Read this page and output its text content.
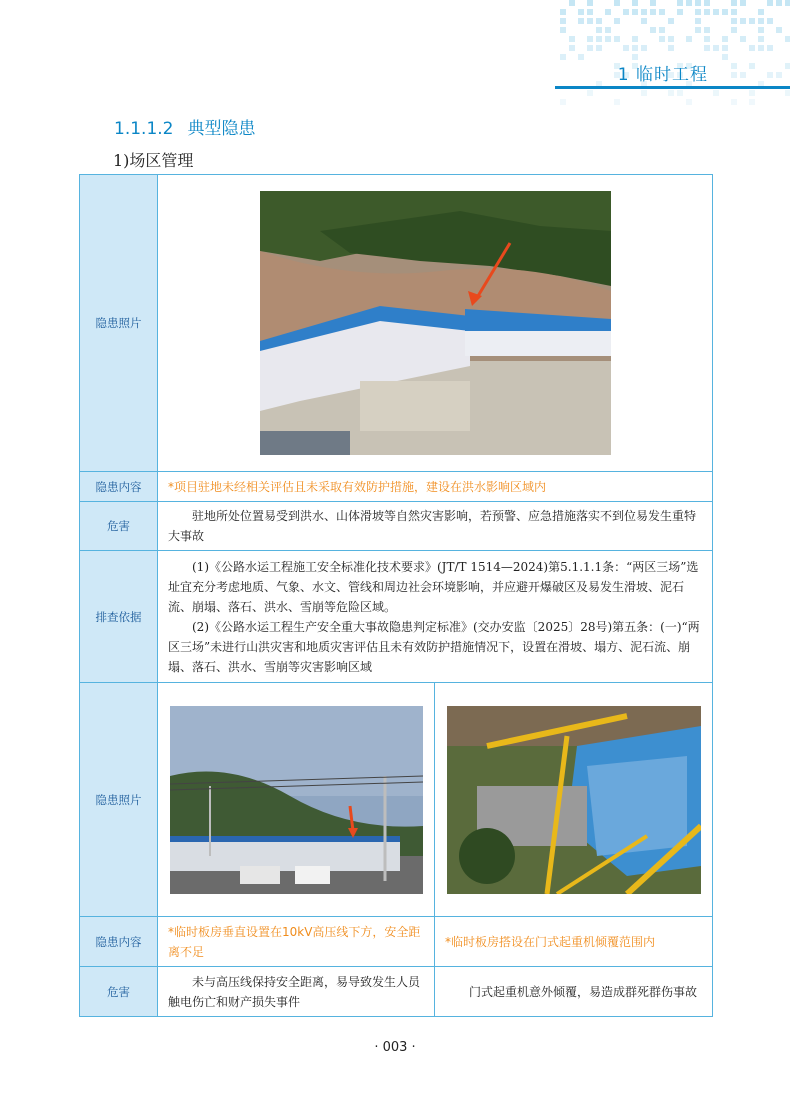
1 临时工程
1.1.1.2 典型隐患
1)场区管理
隐患照片	

隐患内容	*项目驻地未经相关评估且未采取有效防护措施，建设在洪水影响区域内	
危害	驻地所处位置易受到洪水、山体滑坡等自然灾害影响，若预警、应急措施落实不到位易发生重特大事故	

排查依据	(1)《公路水运工程施工安全标准化技术要求》(JT/T 1514—2024)第5.1.1.1条：“两区三场”选址宜充分考虑地质、气象、水文、管线和周边社会环境影响，并应避开爆破区及易发生滑坡、泥石流、崩塌、落石、洪水、雪崩等危险区域。
(2)《公路水运工程生产安全重大事故隐患判定标准》(交办安监〔2025〕28号)第五条：(一)“两区三场”未进行山洪灾害和地质灾害评估且未有效防护措施情况下，设置在滑坡、塌方、泥石流、崩塌、落石、洪水、雪崩等灾害影响区域	

隐患照片	

隐患内容	*临时板房垂直设置在10kV高压线下方，安全距离不足	*临时板房搭设在门式起重机倾覆范围内
危害	未与高压线保持安全距离，易导致发生人员触电伤亡和财产损失事件	门式起重机意外倾覆，易造成群死群伤事故
· 003 ·
